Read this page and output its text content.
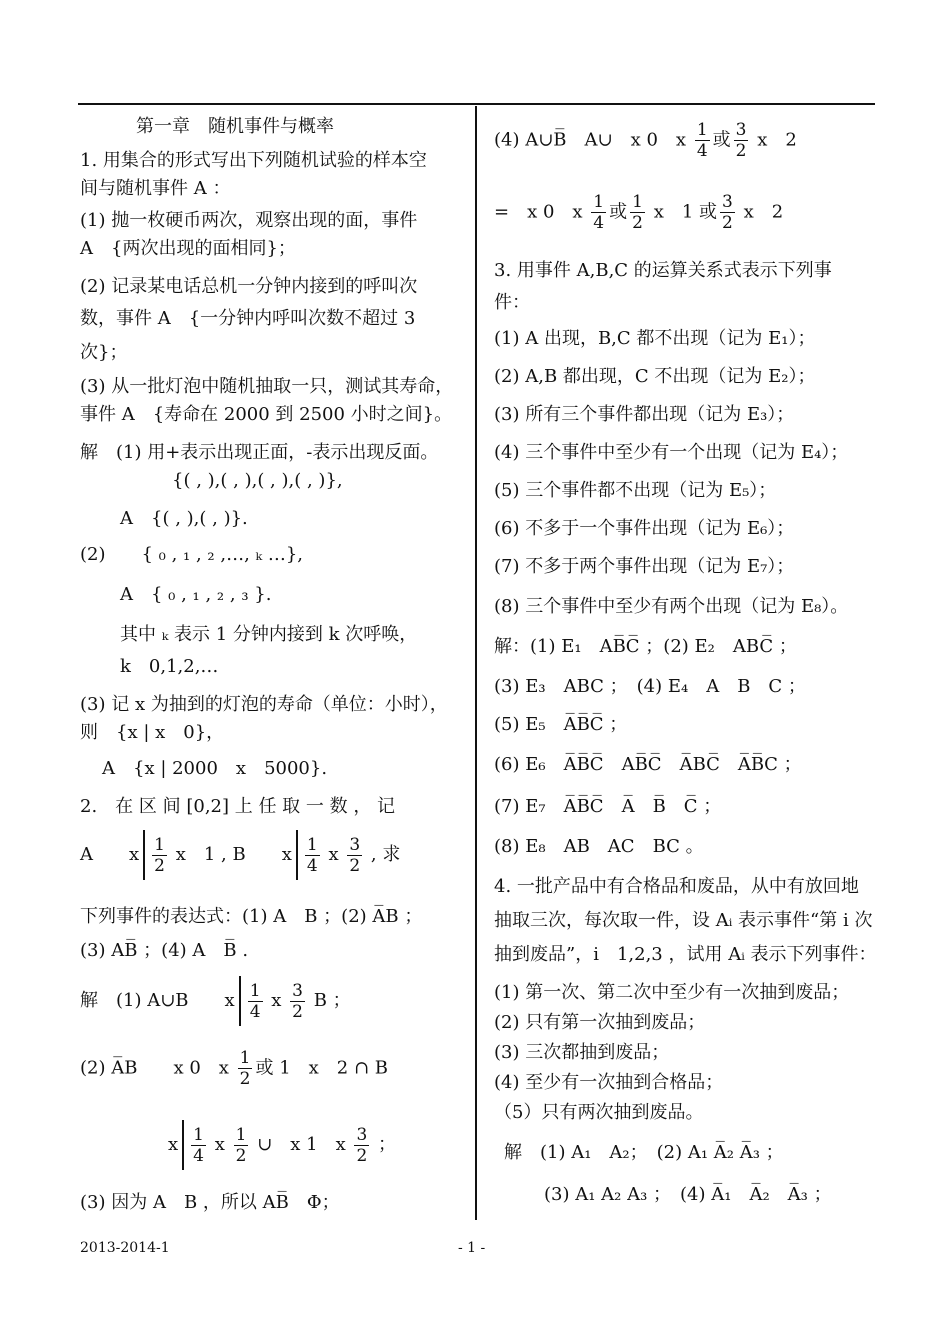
第一章　随机事件与概率
1. 用集合的形式写出下列随机试验的样本空
间与随机事件 A ：
(1) 抛一枚硬币两次，观察出现的面，事件
A　{两次出现的面相同}；
(2) 记录某电话总机一分钟内接到的呼叫次
数，事件 A　{一分钟内呼叫次数不超过 3
次}；
(3) 从一批灯泡中随机抽取一只，测试其寿命，
事件 A　{寿命在 2000 到 2500 小时之间}。
解　(1) 用+表示出现正面，-表示出现反面。
{( , ),( , ),( , ),( , )},
A　{( , ),( , )}.
(2)　　{ ₀ , ₁ , ₂ ,…, ₖ …},
A　{ ₀ , ₁ , ₂ , ₃ }.
其中 ₖ 表示 1 分钟内接到 k 次呼唤，
k　0,1,2,…
(3) 记 x 为抽到的灯泡的寿命（单位：小时），
则　{x | x　0}，
A　{x | 2000　x　5000}.
2.　在 区 间 [0,2] 上 任 取 一 数 ， 记
A　　x $\frac{1}{2}$ x　1 , B　　x $\frac{1}{4}$ x $\frac{3}{2}$ , 求
下列事件的表达式：(1) A　B ；(2) A̅B ；
(3) AB̅ ；(4) A　B̅ .
解　(1) A∪B　　x $\frac{1}{4}$ x $\frac{3}{2}$ B ；
(2) A̅B　　x 0　x $\frac{1}{2}$ 或 1　x　2 ∩ B
x $\frac{1}{4}$ x $\frac{1}{2}$ ∪　x 1　x $\frac{3}{2}$ ；
(3) 因为 A　B ，所以 AB̅　Φ；
(4) A∪B̅　A∪　x 0　x $\frac{1}{4}$ 或 $\frac{3}{2}$ x　2
=　x 0　x $\frac{1}{4}$ 或 $\frac{1}{2}$ x　1 或 $\frac{3}{2}$ x　2
3. 用事件 A,B,C 的运算关系式表示下列事
件：
(1) A 出现，B,C 都不出现（记为 E₁）；
(2) A,B 都出现，C 不出现（记为 E₂）；
(3) 所有三个事件都出现（记为 E₃）；
(4) 三个事件中至少有一个出现（记为 E₄）；
(5) 三个事件都不出现（记为 E₅）；
(6) 不多于一个事件出现（记为 E₆）；
(7) 不多于两个事件出现（记为 E₇）；
(8) 三个事件中至少有两个出现（记为 E₈）。
解：(1) E₁　AB̅C̅ ；(2) E₂　ABC̅ ；
(3) E₃　ABC ；　(4) E₄　A　B　C ；
(5) E₅　A̅B̅C̅ ；
(6) E₆　A̅B̅C̅　AB̅C̅　A̅BC̅　A̅B̅C ；
(7) E₇　A̅B̅C̅　A̅　B̅　C̅ ；
(8) E₈　AB　AC　BC 。
4. 一批产品中有合格品和废品，从中有放回地
抽取三次，每次取一件，设 Aᵢ 表示事件“第 i 次
抽到废品”，i　1,2,3 ，试用 Aᵢ 表示下列事件：
(1) 第一次、第二次中至少有一次抽到废品；
(2) 只有第一次抽到废品；
(3) 三次都抽到废品；
(4) 至少有一次抽到合格品；
（5）只有两次抽到废品。
解　(1) A₁　A₂；　(2) A₁ A̅₂ A̅₃ ；
(3) A₁ A₂ A₃ ；　(4) A̅₁　A̅₂　A̅₃ ；
2013-2014-1	- 1 -
